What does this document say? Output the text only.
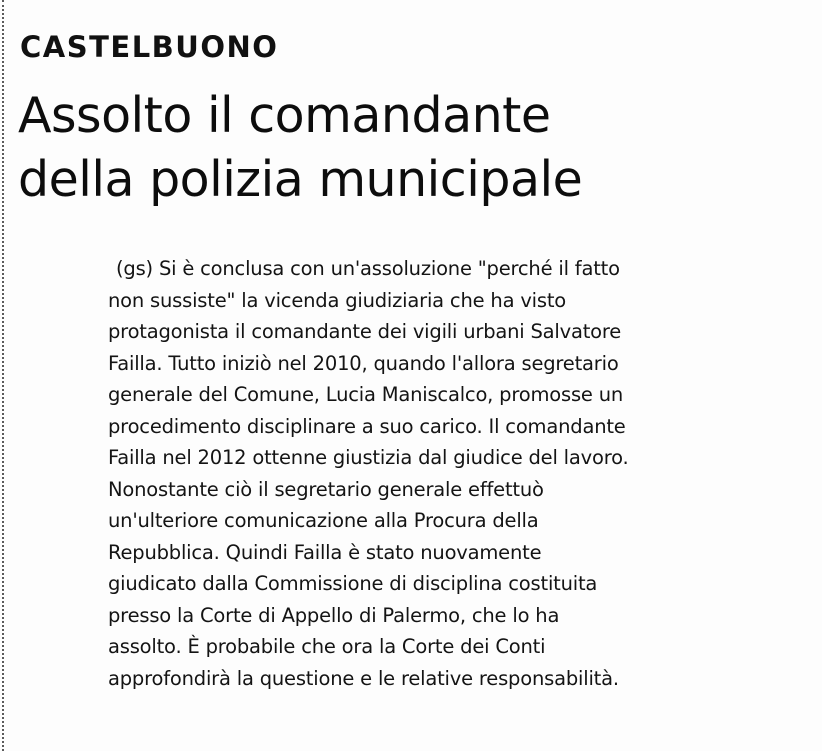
CASTELBUONO
Assolto il comandante
della polizia municipale
(gs) Si è conclusa con un'assoluzione "perché il fatto
non sussiste" la vicenda giudiziaria che ha visto
protagonista il comandante dei vigili urbani Salvatore
Failla. Tutto iniziò nel 2010, quando l'allora segretario
generale del Comune, Lucia Maniscalco, promosse un
procedimento disciplinare a suo carico. Il comandante
Failla nel 2012 ottenne giustizia dal giudice del lavoro.
Nonostante ciò il segretario generale effettuò
un'ulteriore comunicazione alla Procura della
Repubblica. Quindi Failla è stato nuovamente
giudicato dalla Commissione di disciplina costituita
presso la Corte di Appello di Palermo, che lo ha
assolto. È probabile che ora la Corte dei Conti
approfondirà la questione e le relative responsabilità.
